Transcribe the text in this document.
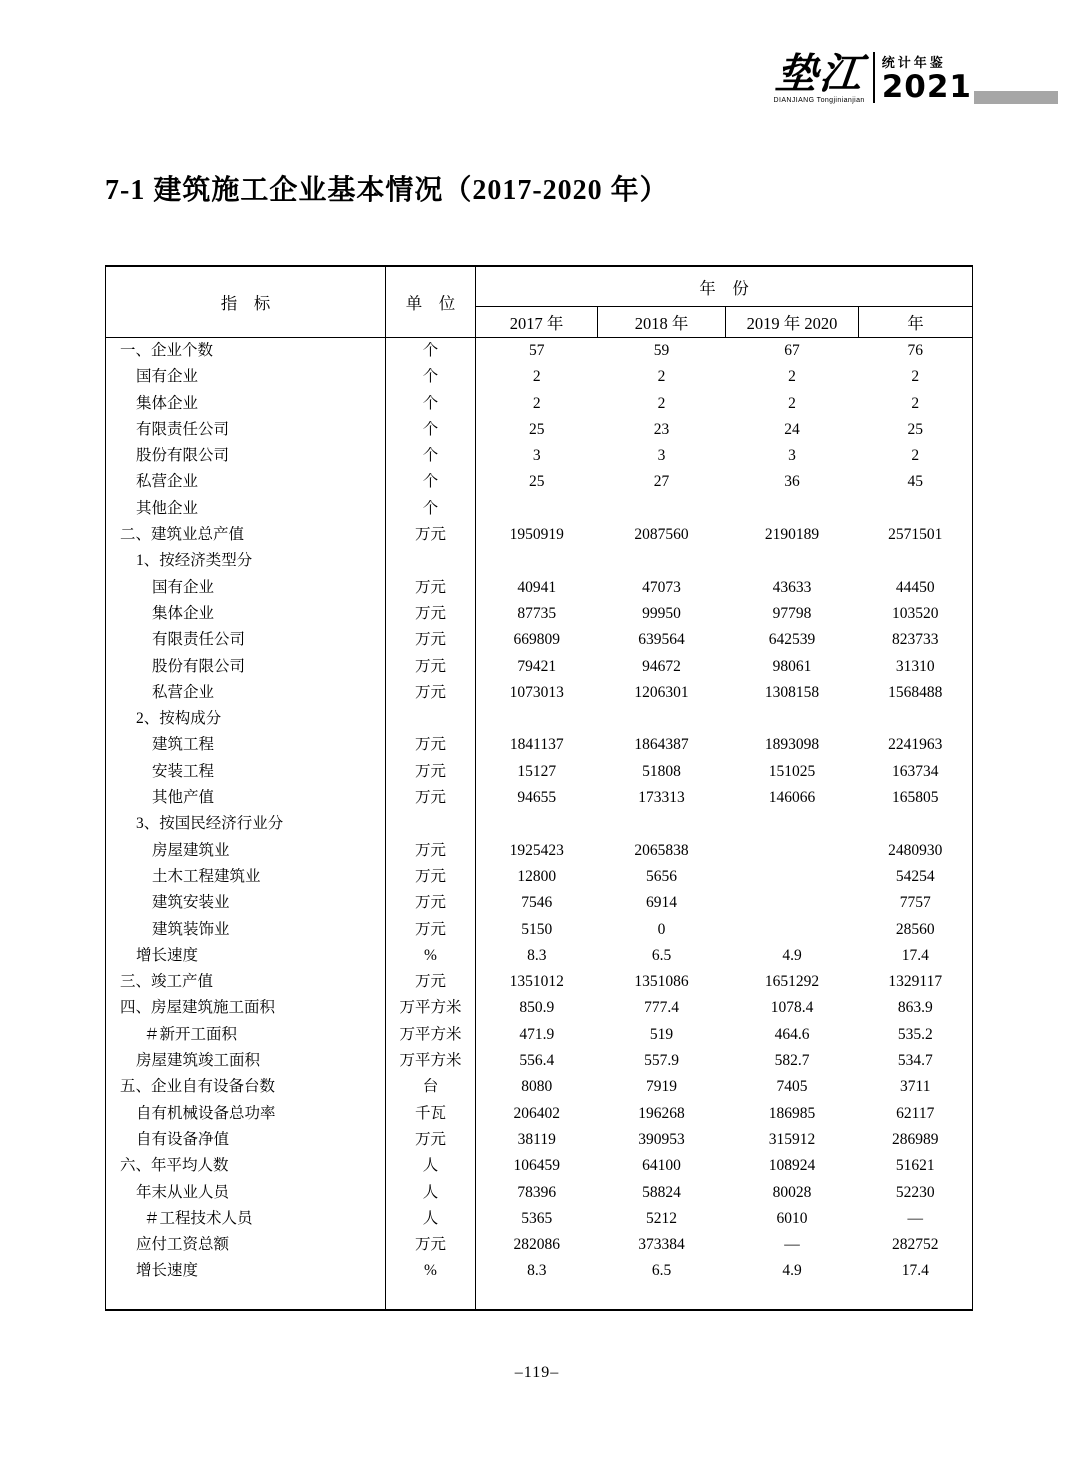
垫江
DIANJIANG Tongjinianjian
统计年鉴
2021
7-1 建筑施工企业基本情况（2017-2020 年）
指　标	单　位	年　份			
		2017 年	2018 年	2019 年 2020	年
一、企业个数	个	57	59	67	76
国有企业	个	2	2	2	2
集体企业	个	2	2	2	2
有限责任公司	个	25	23	24	25
股份有限公司	个	3	3	3	2
私营企业	个	25	27	36	45
其他企业	个				
二、建筑业总产值	万元	1950919	2087560	2190189	2571501
1、按经济类型分					
国有企业	万元	40941	47073	43633	44450
集体企业	万元	87735	99950	97798	103520
有限责任公司	万元	669809	639564	642539	823733
股份有限公司	万元	79421	94672	98061	31310
私营企业	万元	1073013	1206301	1308158	1568488
2、按构成分					
建筑工程	万元	1841137	1864387	1893098	2241963
安装工程	万元	15127	51808	151025	163734
其他产值	万元	94655	173313	146066	165805
3、按国民经济行业分					
房屋建筑业	万元	1925423	2065838		2480930
土木工程建筑业	万元	12800	5656		54254
建筑安装业	万元	7546	6914		7757
建筑装饰业	万元	5150	0		28560
增长速度	%	8.3	6.5	4.9	17.4
三、竣工产值	万元	1351012	1351086	1651292	1329117
四、房屋建筑施工面积	万平方米	850.9	777.4	1078.4	863.9
＃新开工面积	万平方米	471.9	519	464.6	535.2
房屋建筑竣工面积	万平方米	556.4	557.9	582.7	534.7
五、企业自有设备台数	台	8080	7919	7405	3711
自有机械设备总功率	千瓦	206402	196268	186985	62117
自有设备净值	万元	38119	390953	315912	286989
六、年平均人数	人	106459	64100	108924	51621
年末从业人员	人	78396	58824	80028	52230
＃工程技术人员	人	5365	5212	6010	—
应付工资总额	万元	282086	373384	—	282752
增长速度	%	8.3	6.5	4.9	17.4

–119–
